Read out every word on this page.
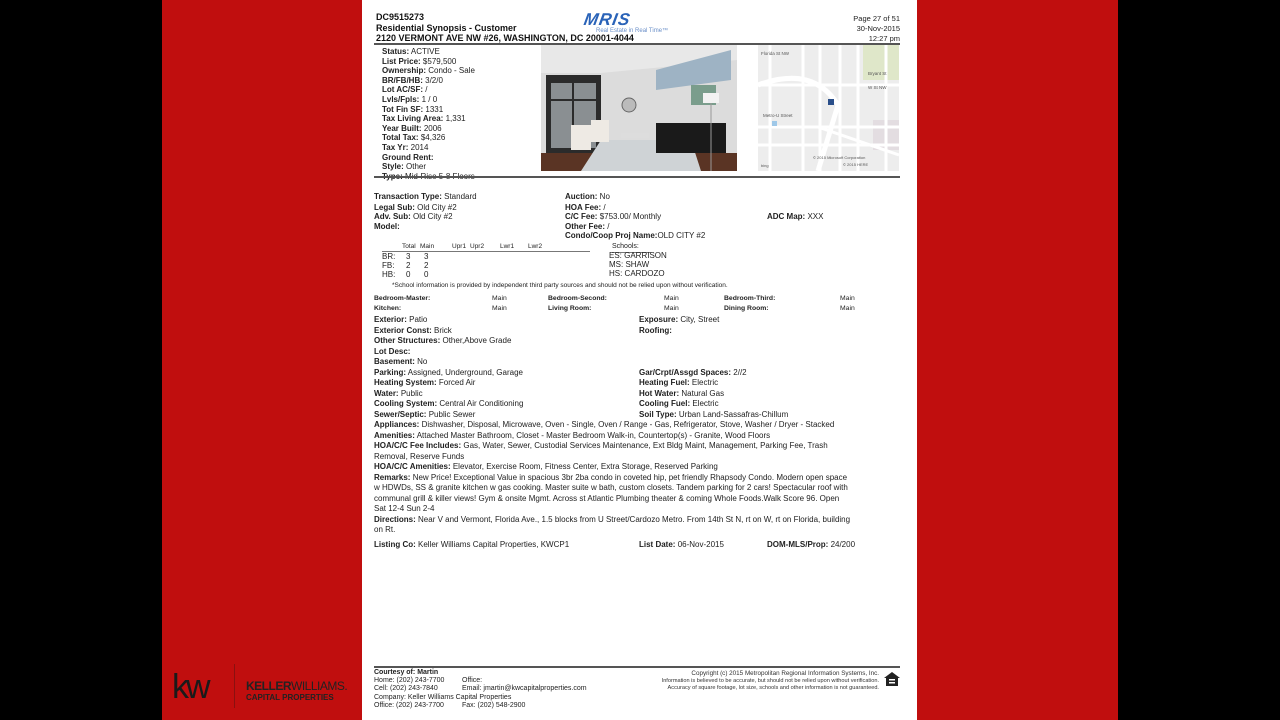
kw	KELLERWILLIAMS.
CAPITAL PROPERTIES
DC9515273
Residential Synopsis - Customer
2120 VERMONT AVE NW #26, WASHINGTON, DC 20001-4044
MRIS
Real Estate in Real Time™
Page 27 of 51
30-Nov-2015
12:27 pm
Status: ACTIVE
List Price: $579,500
Ownership: Condo - Sale
BR/FB/HB: 3/2/0
Lot AC/SF: /
Lvls/Fpls: 1 / 0
Tot Fin SF: 1331
Tax Living Area: 1,331
Year Built: 2006
Total Tax: $4,326
Tax Yr: 2014
Ground Rent:
Style: Other
Florida St NW
Metro-U Street
W St NW
Bryant St
© 2015 Microsoft Corporation
© 2015 HERE
bing
Transaction Type: Standard
Legal Sub: Old City #2
Adv. Sub: Old City #2
Model:
Auction: No
HOA Fee: /
C/C Fee: $753.00/ Monthly
Other Fee: /
Condo/Coop Proj Name:OLD CITY #2
ADC Map: XXX
Total Main	Upr1 Upr2 Lwr1 Lwr2
BR: 3 3
FB: 2 2
HB: 0 0
Schools:
ES: GARRISON
MS: SHAW
HS: CARDOZO
*School information is provided by independent third party sources and should not be relied upon without verification.
Bedroom-Master:	Main	Bedroom-Second:	Main	Bedroom-Third:	Main
Kitchen:	Main	Living Room:	Main	Dining Room:	Main
Exterior: Patio
Exterior Const: Brick
Other Structures: Other,Above Grade
Lot Desc:
Basement: No
Parking: Assigned, Underground, Garage
Heating System: Forced Air
Water: Public
Cooling System: Central Air Conditioning
Sewer/Septic: Public Sewer
Exposure: City, Street
Roofing:
Gar/Crpt/Assgd Spaces: 2//2
Heating Fuel: Electric
Hot Water: Natural Gas
Cooling Fuel: Electric
Soil Type: Urban Land-Sassafras-Chillum
Appliances: Dishwasher, Disposal, Microwave, Oven - Single, Oven / Range - Gas, Refrigerator, Stove, Washer / Dryer - Stacked
Amenities: Attached Master Bathroom, Closet - Master Bedroom Walk-in, Countertop(s) - Granite, Wood Floors
HOA/C/C Fee Includes: Gas, Water, Sewer, Custodial Services Maintenance, Ext Bldg Maint, Management, Parking Fee, Trash Removal, Reserve Funds
HOA/C/C Amenities: Elevator, Exercise Room, Fitness Center, Extra Storage, Reserved Parking
Remarks: New Price! Exceptional Value in spacious 3br 2ba condo in coveted hip, pet friendly Rhapsody Condo. Modern open space w HDWDs, SS & granite kitchen w gas cooking. Master suite w bath, custom closets. Tandem parking for 2 cars! Spectacular roof with communal grill & killer views! Gym & onsite Mgmt. Across st Atlantic Plumbing theater & coming Whole Foods.Walk Score 96. Open Sat 12-4 Sun 2-4
Directions: Near V and Vermont, Florida Ave., 1.5 blocks from U Street/Cardozo Metro. From 14th St N, rt on W, rt on Florida, building on Rt.
Listing Co: Keller Williams Capital Properties, KWCP1	List Date: 06-Nov-2015	DOM-MLS/Prop: 24/200
Courtesy of: Martin
Home: (202) 243-7700
Cell: (202) 243-7840
Company: Keller Williams Capital Properties
Office: (202) 243-7700
Office:
Email: jmartin@kwcapitalproperties.com
Fax: (202) 548-2900
Copyright (c) 2015 Metropolitan Regional Information Systems, Inc.
Information is believed to be accurate, but should not be relied upon without verification.
Accuracy of square footage, lot size, schools and other information is not guaranteed.
